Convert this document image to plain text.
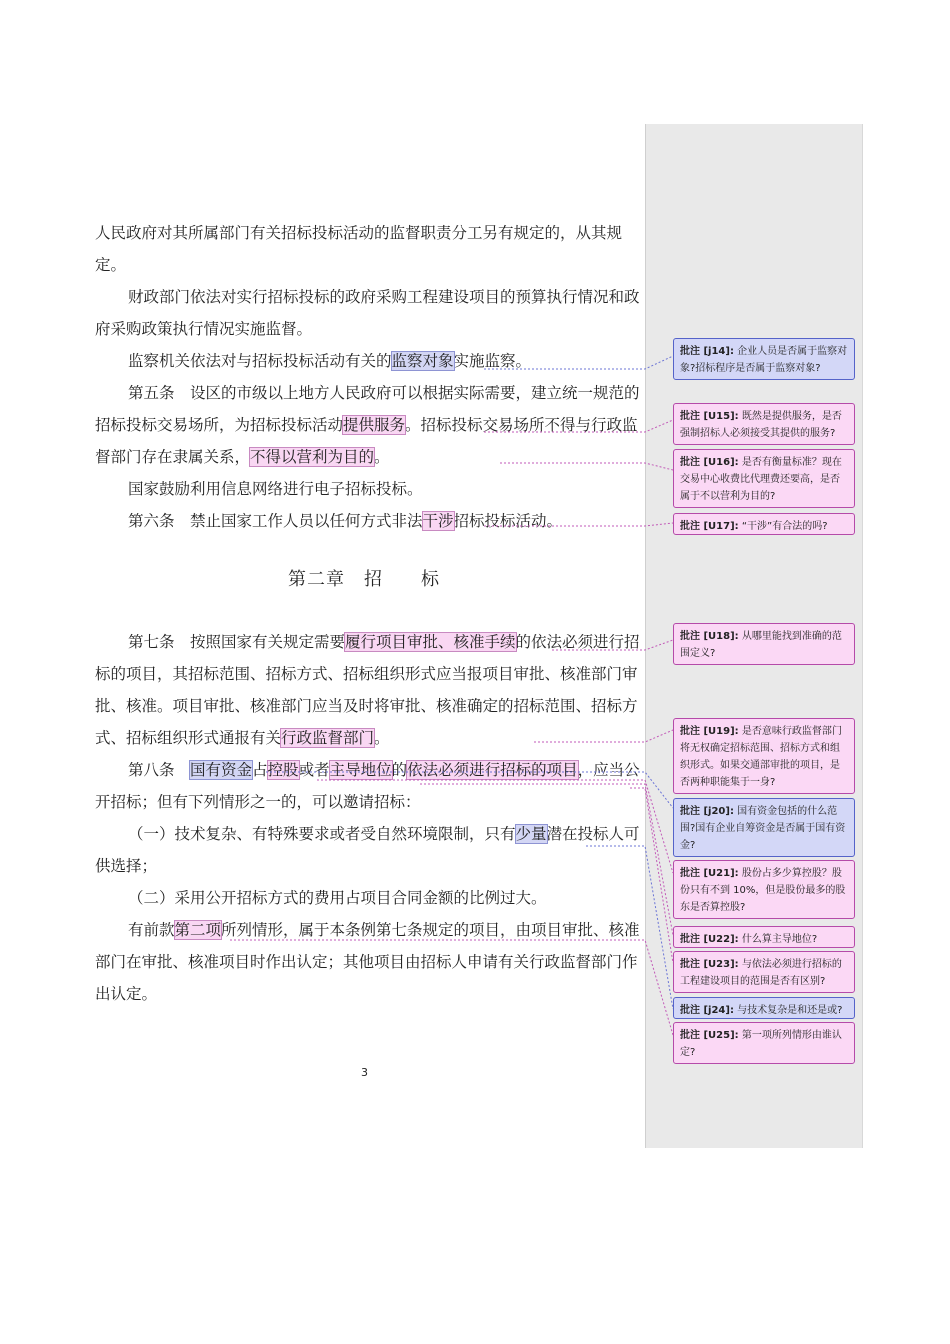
人民政府对其所属部门有关招标投标活动的监督职责分工另有规定的，从其规定。

财政部门依法对实行招标投标的政府采购工程建设项目的预算执行情况和政府采购政策执行情况实施监督。

监察机关依法对与招标投标活动有关的监察对象实施监察。

第五条　设区的市级以上地方人民政府可以根据实际需要，建立统一规范的招标投标交易场所，为招标投标活动提供服务。招标投标交易场所不得与行政监督部门存在隶属关系，不得以营利为目的。

国家鼓励利用信息网络进行电子招标投标。

第六条　禁止国家工作人员以任何方式非法干涉招标投标活动。

第二章　招　　标

第七条　按照国家有关规定需要履行项目审批、核准手续的依法必须进行招标的项目，其招标范围、招标方式、招标组织形式应当报项目审批、核准部门审批、核准。项目审批、核准部门应当及时将审批、核准确定的招标范围、招标方式、招标组织形式通报有关行政监督部门。

第八条　国有资金占控股或者主导地位的依法必须进行招标的项目，应当公开招标；但有下列情形之一的，可以邀请招标：

（一）技术复杂、有特殊要求或者受自然环境限制，只有少量潜在投标人可供选择；

（二）采用公开招标方式的费用占项目合同金额的比例过大。

有前款第二项所列情形，属于本条例第七条规定的项目，由项目审批、核准部门在审批、核准项目时作出认定；其他项目由招标人申请有关行政监督部门作出认定。

3
批注 [j14]: 企业人员是否属于监察对象?招标程序是否属于监察对象?
批注 [U15]: 既然是提供服务，是否强制招标人必须接受其提供的服务?
批注 [U16]: 是否有衡量标准？现在交易中心收费比代理费还要高，是否属于不以营利为目的?
批注 [U17]: “干涉”有合法的吗?
批注 [U18]: 从哪里能找到准确的范围定义?
批注 [U19]: 是否意味行政监督部门将无权确定招标范围、招标方式和组织形式。如果交通部审批的项目，是否两种职能集于一身?
批注 [j20]: 国有资金包括的什么范围?国有企业自筹资金是否属于国有资金?
批注 [U21]: 股份占多少算控股？股份只有不到 10%，但是股份最多的股东是否算控股?
批注 [U22]: 什么算主导地位?
批注 [U23]: 与依法必须进行招标的工程建设项目的范围是否有区别?
批注 [j24]: 与技术复杂是和还是或?
批注 [U25]: 第一项所列情形由谁认定?
